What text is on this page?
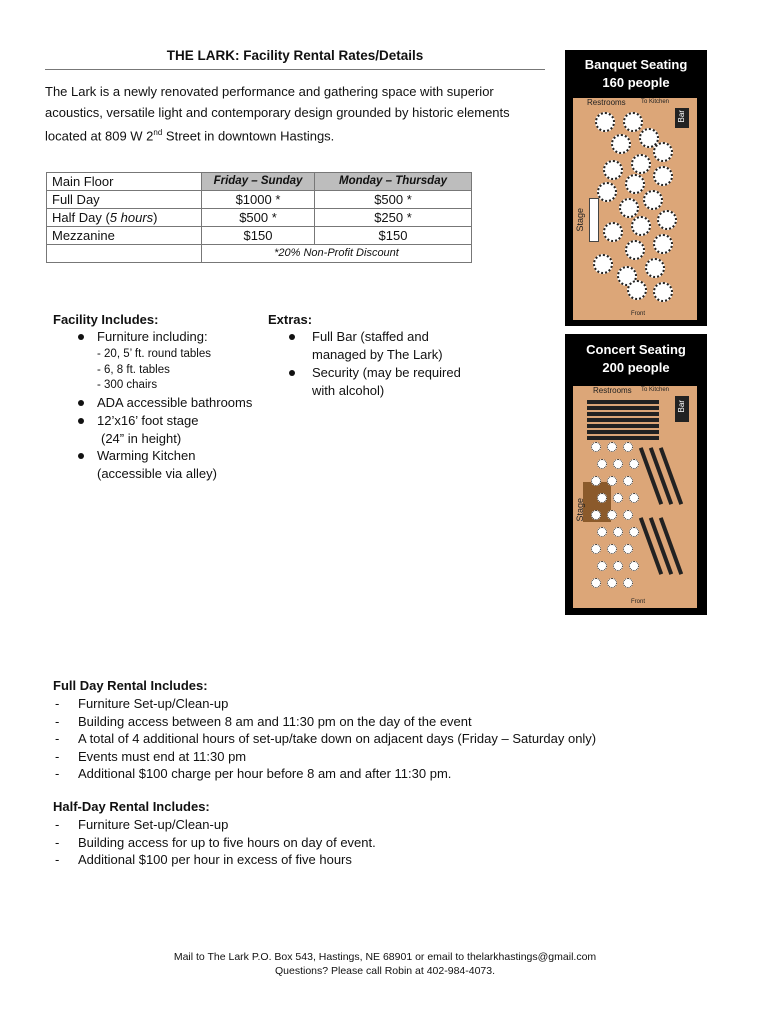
THE LARK: Facility Rental Rates/Details
The Lark is a newly renovated performance and gathering space with superior acoustics, versatile light and contemporary design grounded by historic elements located at 809 W 2nd Street in downtown Hastings.
Main Floor	Friday – Sunday	Monday – Thursday
Full Day	$1000 *	$500 *
Half Day (5 hours)	$500 *	$250 *
Mezzanine	$150	$150
	*20% Non-Profit Discount	
Facility Includes:
Furniture including:
- 20, 5’ ft. round tables
- 6, 8 ft. tables
- 300 chairs
ADA accessible bathrooms
12’x16’ foot stage
(24” in height)
Warming Kitchen
(accessible via alley)
Extras:
Full Bar (staffed and
managed by The Lark)
Security (may be required
with alcohol)
Banquet Seating
160 people
Restrooms	To Kitchen
Bar
Stage
Front
Concert Seating
200 people
Restrooms To Kitchen
Bar
Stage
Front
Full Day Rental Includes:
- Furniture Set-up/Clean-up
- Building access between 8 am and 11:30 pm on the day of the event
- A total of 4 additional hours of set-up/take down on adjacent days (Friday – Saturday only)
- Events must end at 11:30 pm
- Additional $100 charge per hour before 8 am and after 11:30 pm.
Half-Day Rental Includes:
- Furniture Set-up/Clean-up
- Building access for up to five hours on day of event.
- Additional $100 per hour in excess of five hours
Mail to The Lark P.O. Box 543, Hastings, NE 68901 or email to thelarkhastings@gmail.com
Questions? Please call Robin at 402-984-4073.
